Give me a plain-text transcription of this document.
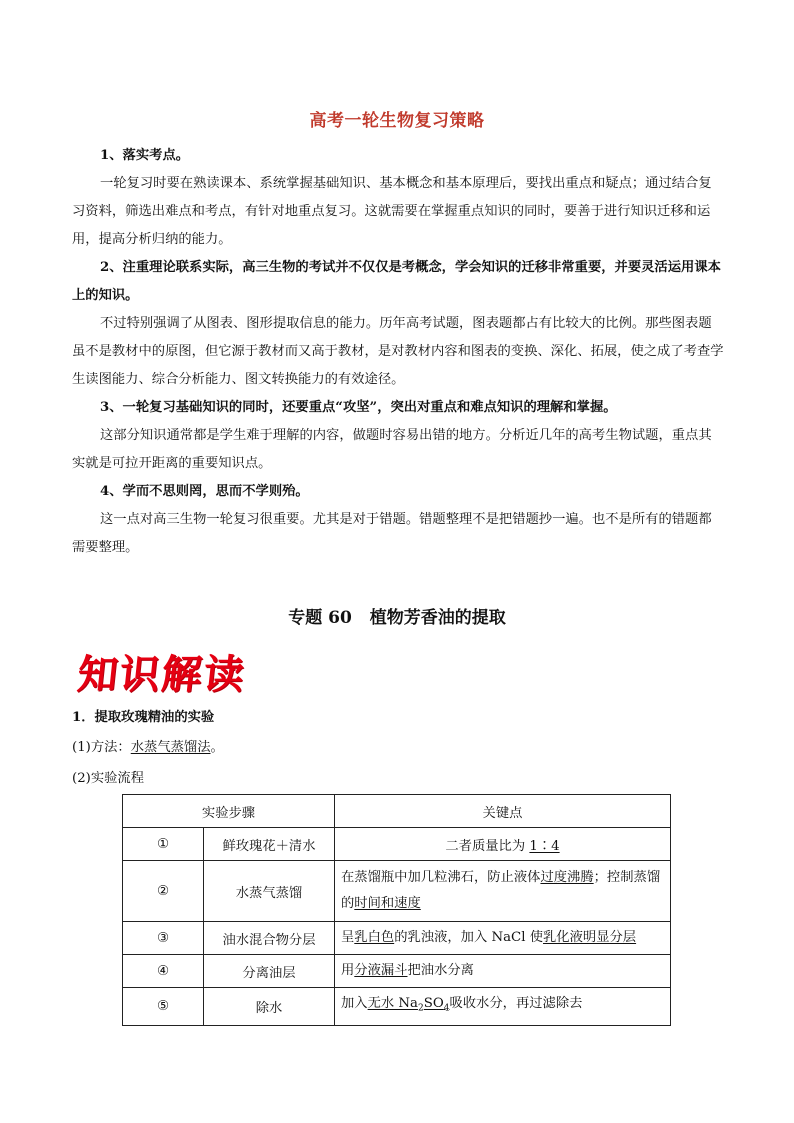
高考一轮生物复习策略

1、落实考点。

一轮复习时要在熟读课本、系统掌握基础知识、基本概念和基本原理后，要找出重点和疑点；通过结合复习资料，筛选出难点和考点，有针对地重点复习。这就需要在掌握重点知识的同时，要善于进行知识迁移和运用，提高分析归纳的能力。

2、注重理论联系实际，高三生物的考试并不仅仅是考概念，学会知识的迁移非常重要，并要灵活运用课本上的知识。

不过特别强调了从图表、图形提取信息的能力。历年高考试题，图表题都占有比较大的比例。那些图表题虽不是教材中的原图，但它源于教材而又高于教材，是对教材内容和图表的变换、深化、拓展，使之成了考查学生读图能力、综合分析能力、图文转换能力的有效途径。

3、一轮复习基础知识的同时，还要重点“攻坚”，突出对重点和难点知识的理解和掌握。

这部分知识通常都是学生难于理解的内容，做题时容易出错的地方。分析近几年的高考生物试题，重点其实就是可拉开距离的重要知识点。

4、学而不思则罔，思而不学则殆。

这一点对高三生物一轮复习很重要。尤其是对于错题。错题整理不是把错题抄一遍。也不是所有的错题都需要整理。

专题 60 植物芳香油的提取
知识解读
1．提取玫瑰精油的实验
(1)方法：水蒸气蒸馏法。
(2)实验流程
实验步骤		关键点
①	鲜玫瑰花＋清水	二者质量比为 1∶4
②	水蒸气蒸馏	在蒸馏瓶中加几粒沸石，防止液体过度沸腾；控制蒸馏的时间和速度
③	油水混合物分层	呈乳白色的乳浊液，加入 NaCl 使乳化液明显分层
④	分离油层	用分液漏斗把油水分离
⑤	除水	加入无水 $Na_2SO_4$吸收水分，再过滤除去
